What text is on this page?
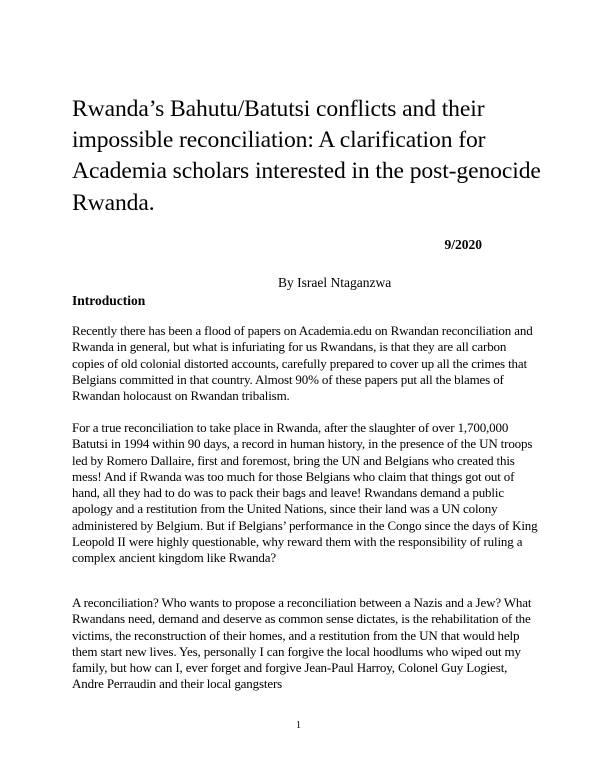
Rwanda’s Bahutu/Batutsi conflicts and their impossible reconciliation: A clarification for Academia scholars interested in the post-genocide Rwanda.
9/2020
By Israel Ntaganzwa
Introduction

Recently there has been a flood of papers on Academia.edu on Rwandan reconciliation and Rwanda in general, but what is infuriating for us Rwandans, is that they are all carbon copies of old colonial distorted accounts, carefully prepared to cover up all the crimes that Belgians committed in that country. Almost 90% of these papers put all the blames of Rwandan holocaust on Rwandan tribalism.

For a true reconciliation to take place in Rwanda, after the slaughter of over 1,700,000 Batutsi in 1994 within 90 days, a record in human history, in the presence of the UN troops led by Romero Dallaire, first and foremost, bring the UN and Belgians who created this mess! And if Rwanda was too much for those Belgians who claim that things got out of hand, all they had to do was to pack their bags and leave! Rwandans demand a public apology and a restitution from the United Nations, since their land was a UN colony administered by Belgium. But if Belgians’ performance in the Congo since the days of King Leopold II were highly questionable, why reward them with the responsibility of ruling a complex ancient kingdom like Rwanda?

A reconciliation? Who wants to propose a reconciliation between a Nazis and a Jew? What Rwandans need, demand and deserve as common sense dictates, is the rehabilitation of the victims, the reconstruction of their homes, and a restitution from the UN that would help them start new lives. Yes, personally I can forgive the local hoodlums who wiped out my family, but how can I, ever forget and forgive Jean-Paul Harroy, Colonel Guy Logiest, Andre Perraudin and their local gangsters

1
